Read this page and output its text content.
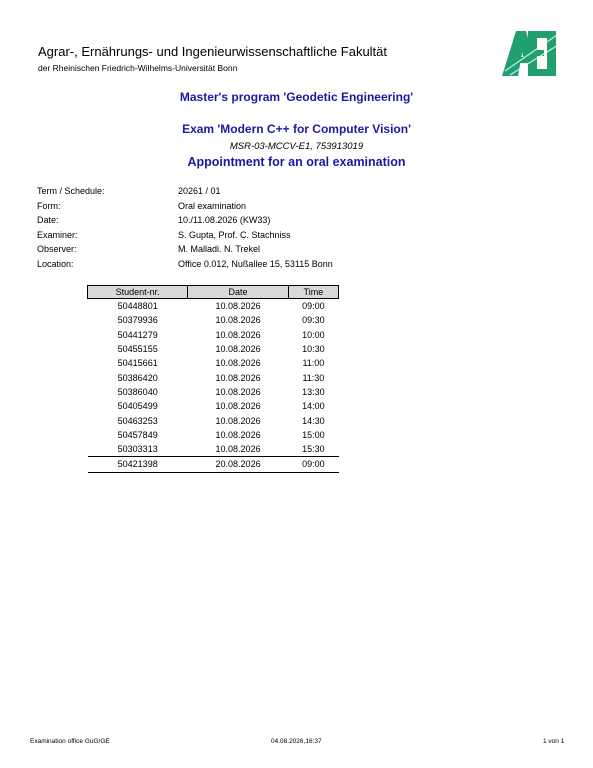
Agrar-, Ernährungs- und Ingenieurwissenschaftliche Fakultät
der Rheinischen Friedrich-Wilhelms-Universität Bonn
Master's program 'Geodetic Engineering'
Exam 'Modern C++ for Computer Vision'
MSR-03-MCCV-E1, 753913019
Appointment for an oral examination
Term / Schedule:	20261 / 01
Form:	Oral examination
Date:	10./11.08.2026 (KW33)
Examiner:	S. Gupta, Prof. C. Stachniss
Observer:	M. Malladi. N. Trekel
Location:	Office 0.012, Nußallee 15, 53115 Bonn
Student-nr.	Date	Time
50448801	10.08.2026	09:00
50379936	10.08.2026	09:30
50441279	10.08.2026	10:00
50455155	10.08.2026	10:30
50415661	10.08.2026	11:00
50386420	10.08.2026	11:30
50386040	10.08.2026	13:30
50405499	10.08.2026	14:00
50463253	10.08.2026	14:30
50457849	10.08.2026	15:00
50303313	10.08.2026	15:30
50421398	20.08.2026	09:00
Examination office GuG/GE	04.08.2026,16:37	1 von 1
